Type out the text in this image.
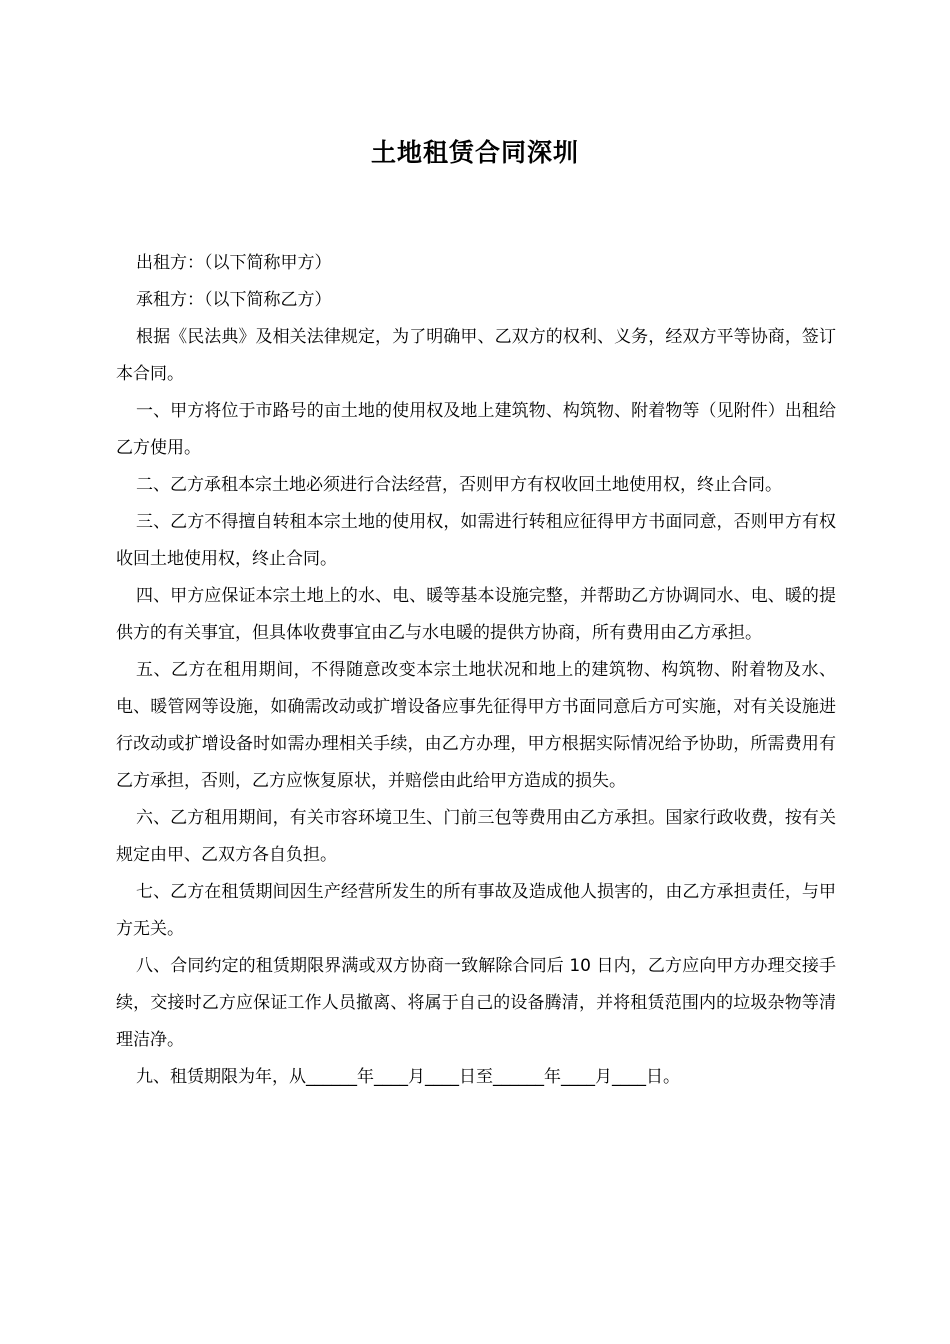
土地租赁合同深圳

出租方：（以下简称甲方）

承租方：（以下简称乙方）

根据《民法典》及相关法律规定，为了明确甲、乙双方的权利、义务，经双方平等协商，签订本合同。

一、甲方将位于市路号的亩土地的使用权及地上建筑物、构筑物、附着物等（见附件）出租给乙方使用。

二、乙方承租本宗土地必须进行合法经营，否则甲方有权收回土地使用权，终止合同。

三、乙方不得擅自转租本宗土地的使用权，如需进行转租应征得甲方书面同意，否则甲方有权收回土地使用权，终止合同。

四、甲方应保证本宗土地上的水、电、暖等基本设施完整，并帮助乙方协调同水、电、暖的提供方的有关事宜，但具体收费事宜由乙与水电暖的提供方协商，所有费用由乙方承担。

五、乙方在租用期间，不得随意改变本宗土地状况和地上的建筑物、构筑物、附着物及水、电、暖管网等设施，如确需改动或扩增设备应事先征得甲方书面同意后方可实施，对有关设施进行改动或扩增设备时如需办理相关手续，由乙方办理，甲方根据实际情况给予协助，所需费用有乙方承担，否则，乙方应恢复原状，并赔偿由此给甲方造成的损失。

六、乙方租用期间，有关市容环境卫生、门前三包等费用由乙方承担。国家行政收费，按有关规定由甲、乙双方各自负担。

七、乙方在租赁期间因生产经营所发生的所有事故及造成他人损害的，由乙方承担责任，与甲方无关。

八、合同约定的租赁期限界满或双方协商一致解除合同后 10 日内，乙方应向甲方办理交接手续，交接时乙方应保证工作人员撤离、将属于自己的设备腾清，并将租赁范围内的垃圾杂物等清理洁净。

九、租赁期限为年，从______年____月____日至______年____月____日。
